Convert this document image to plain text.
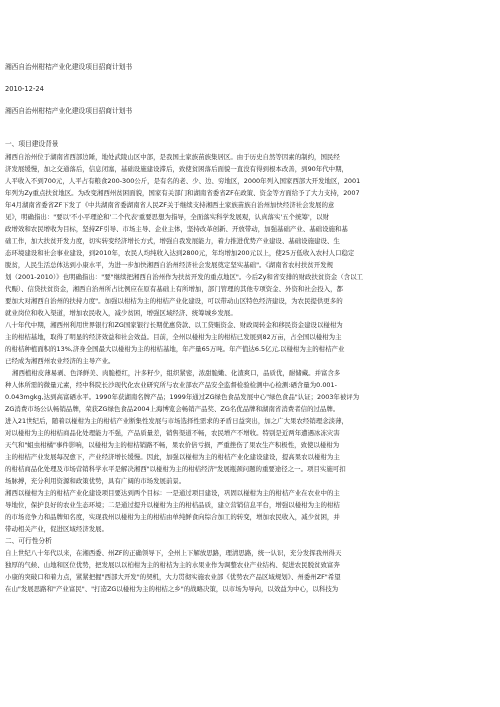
湘西自治州柑桔产业化建设项目招商计划书
2010-12-24
湘西自治州柑桔产业化建设项目招商计划书
一、项目建设背景
湘西自治州位于湖南省西部边陲，地处武陵山区中部，是我国土家族苗族集居区。由于历史自然等因素的制约，国民经
济发展缓慢，加之交通落后，信息闭塞，基础设施建设滞后，致使贫困落后面貌一直没有得到根本改善，到90年代中期，
人平收入不到700元，人平占有粮食200-300公斤，是有名的老、少、边、穷地区，2000年列入国家西部大开发地区，2001
年列为Zy重点扶贫地区。为改变湘西州贫困面貌，国家有关部门和湖南省委省ZF在政策、资金等方面给予了大力支持，2007
年4月湖南省委省ZF下发了《中共湖南省委湖南省人民ZF关于继续支持湘西土家族苗族自治州加快经济社会发展的意
见》，明确指出："要以'不小平理论和'二个代表'重要思想为指导，全面落实科学发展观，认真落实'五个统筹'，以财
政增效和农民增收为目标，坚持ZF引导、市场主导、企业主体，坚持改革创新、开放带动，加强基础产业、基础设施和基
础工作，加大扶贫开发力度，切实转变经济增长方式，增强自我发展能力，着力推进优势产业建设、基础设施建设、生
态环境建设和社会事业建设，到2010年，农民人均纯收入达到2800元，年均增加200元以上，使25万低收入农村人口稳定
脱贫，人民生活总体达到小康水平，为进一步加快湘西自治州经济社会发展奠定坚实基础"。《湖南省农村扶贫开发规
划（2001-2010）》也明确指出："要"继续把湘西自治州作为扶贫开发的重点地区"。今后Zy和省安排的财政扶贫资金（含以工
代赈）、信贷扶贫资金，湘西自治州所占比例应在原有基础上有所增加，部门管理的其他专项资金、外资和社会投入，都
要加大对湘西自治州的扶持力度"。加强以柑桔为主的柑桔产业化建设，可以带动山区特色经济建设，为农民提供更多的
就业岗位和收入渠道，增加农民收入，减少贫困，增强区域经济、统筹城乡发展。
八十年代中期，湘西州利用世界银行和ZG国家银行长期优惠贷款、以工贷赈资金、财政周转金和移民资金建设以椪柑为
主的柑桔基地，取得了明显的经济效益和社会效益。目前，全州以椪柑为主的柑桔已发展到82万亩，占全国以椪柑为主
的柑桔种植面积的13%,济身全国最大以椪柑为主的柑桔基地，年产量65万吨。年产值达6.5亿元,以椪柑为主的柑桔产业
已经成为湘西州农业经济的主导产业。
湘西植柑皮薄易剥、色泽鲜美、肉脆橙红，汁多籽少，组织紧密，浓甜脆嫩、化渣爽口，品质优，耐储藏。并富含多
种人体所需的微量元素，经中科院长沙现代化农业研究所与农业部农产品安全监督检验检测中心检测:硒含量为0.001-
0.043mgkg,达到高富硒水平。1990年获湖南名牌产品；1999年通过ZG绿色食品发展中心"绿色食品"认证；2003年被评为
ZG消费市场公认畅销品牌，荣获ZG绿色食品2004上海博览会畅销产品奖、ZG名优品牌和湖南省消费者信的过品牌。
进入21世纪后，随着以椪柑为主的柑桔产业断集性发展与市场选择性需求的矛盾日益突出，加之广大果农经销理念淡薄，
对以椪柑为主的柑桔商品化处理能力不强，产品质量差，销售渠道不畅，农民增产不增收。特别是近两年遭遇冰冻灾害
天气和"蛆虫柑橘"事件影响，以椪柑为主的柑桔销路不畅，果农价倍亏损，严重挫伤了果农生产积极性，致使以椪柑为
主的柑桔产业发展每况愈下，产业经济增长缓慢。因此，加强以椪柑为主的柑桔产业化建设建设，提高果农以椪柑为主
的柑桔商品化处理及市场营销科学水平是解决湘西"以椪柑为主的柑桔经济"发展瓶颈问题的重要途径之一。项目实施可扣
场脉搏，充分利用资源和政策优势，具有广阔的市场发展前景。
湘西以椪柑为主的柑桔产业化建设项目要达到两个目标：一是通过项目建设，巩固以椪柑为主的柑桔产业在农业中的主
导地位，保护良好的农业生态环境；二是通过提升以椪柑为主的柑桔品质，建立营销信息平台，增强以椪柑为主的柑桔
的市场竞争力和品牌知名度，实现我州以椪柑为主的柑桔由单纯鲜食向综合加工的转变，增加农民收入，减少贫困，并
带动相关产业，促进区域经济发展。
二、可行性分析
自上世纪八十年代以来，在湘西委、州ZF的正确领导下，全州上下解放思路，理清思路，统一认识，充分发挥我州得天
独厚的气候、山地和区位优势，把发展以以柏柑为主的柑桔为主的水果业作为调整农业产业结构、促进农民脱贫致富奔
小康的突破口和着力点，紧紧把握"西部大开发"的契机，大力贯彻实施农业部《优势农产品区域规划》、州委州ZF"希望
在山"发展思路和"产业富民"、"打造ZG以椪柑为主的柑桔之乡"的战略决策，以市场为导向，以效益为中心，以科技为
